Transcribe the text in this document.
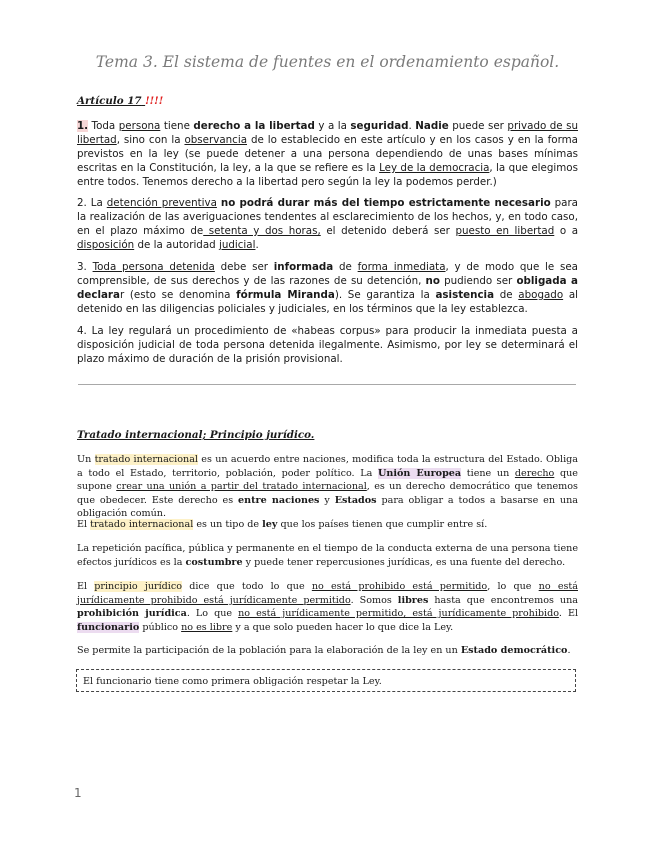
Tema 3. El sistema de fuentes en el ordenamiento español.
Artículo 17 !!!!

1. Toda persona tiene derecho a la libertad y a la seguridad. Nadie puede ser privado de su libertad, sino con la observancia de lo establecido en este artículo y en los casos y en la forma previstos en la ley (se puede detener a una persona dependiendo de unas bases mínimas escritas en la Constitución, la ley, a la que se refiere es la Ley de la democracia, la que elegimos entre todos. Tenemos derecho a la libertad pero según la ley la podemos perder.)

2. La detención preventiva no podrá durar más del tiempo estrictamente necesario para la realización de las averiguaciones tendentes al esclarecimiento de los hechos, y, en todo caso, en el plazo máximo de setenta y dos horas, el detenido deberá ser puesto en libertad o a disposición de la autoridad judicial.

3. Toda persona detenida debe ser informada de forma inmediata, y de modo que le sea comprensible, de sus derechos y de las razones de su detención, no pudiendo ser obligada a declarar (esto se denomina fórmula Miranda). Se garantiza la asistencia de abogado al detenido en las diligencias policiales y judiciales, en los términos que la ley establezca.

4. La ley regulará un procedimiento de «habeas corpus» para producir la inmediata puesta a disposición judicial de toda persona detenida ilegalmente. Asimismo, por ley se determinará el plazo máximo de duración de la prisión provisional.

Tratado internacional; Principio jurídico.

Un tratado internacional es un acuerdo entre naciones, modifica toda la estructura del Estado. Obliga a todo el Estado, territorio, población, poder político. La Unión Europea tiene un derecho que supone crear una unión a partir del tratado internacional, es un derecho democrático que tenemos que obedecer. Este derecho es entre naciones y Estados para obligar a todos a basarse en una obligación común.

El tratado internacional es un tipo de ley que los países tienen que cumplir entre sí.

La repetición pacífica, pública y permanente en el tiempo de la conducta externa de una persona tiene efectos jurídicos es la costumbre y puede tener repercusiones jurídicas, es una fuente del derecho.

El principio jurídico dice que todo lo que no está prohibido está permitido, lo que no está jurídicamente prohibido está jurídicamente permitido. Somos libres hasta que encontremos una prohibición jurídica. Lo que no está jurídicamente permitido, está jurídicamente prohibido. El funcionario público no es libre y a que solo pueden hacer lo que dice la Ley.

Se permite la participación de la población para la elaboración de la ley en un Estado democrático.

El funcionario tiene como primera obligación respetar la Ley.
1
